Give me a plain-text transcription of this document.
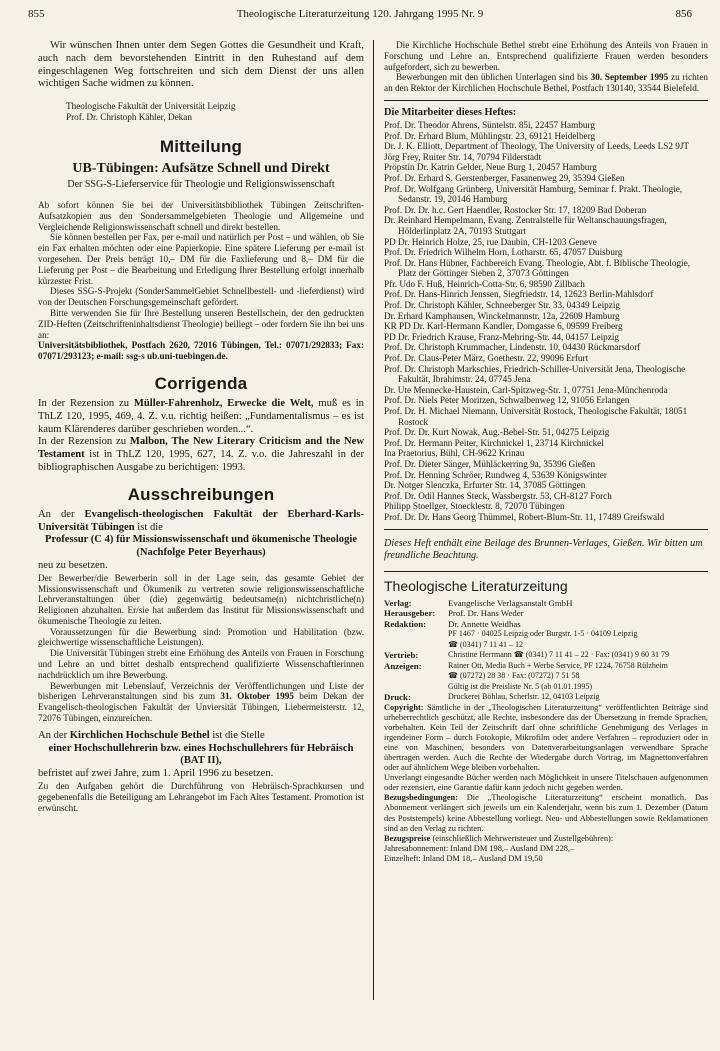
855	Theologische Literaturzeitung 120. Jahrgang 1995 Nr. 9	856

Wir wünschen Ihnen unter dem Segen Gottes die Gesundheit und Kraft, auch nach dem bevorstehenden Eintritt in den Ruhestand auf dem eingeschlagenen Weg fortschreiten und sich dem Dienst der uns allen wichtigen Sache widmen zu können.

Theologische Fakultät der Universität Leipzig

Prof. Dr. Christoph Kähler, Dekan

Mitteilung
UB-Tübingen: Aufsätze Schnell und Direkt

Der SSG-S-Lieferservice für Theologie und Religionswissenschaft

Ab sofort können Sie bei der Universitätsbibliothek Tübingen Zeitschriften-Aufsatzkopien aus den Sondersammelgebieten Theologie und Allgemeine und Vergleichende Religionswissenschaft schnell und direkt bestellen.

Sie können bestellen per Fax, per e-mail und natürlich per Post – und wählen, ob Sie ein Fax erhalten möchten oder eine Papierkopie. Eine spätere Lieferung per e-mail ist vorgesehen. Der Preis beträgt 10,– DM für die Faxlieferung und 8,– DM für die Lieferung per Post – die Bearbeitung und Erledigung Ihrer Bestellung erfolgt innerhalb kürzester Frist.

Dieses SSG-S-Projekt (SonderSammelGebiet Schnellbestell- und -lieferdienst) wird von der Deutschen Forschungsgemeinschaft gefördert.

Bitte verwenden Sie für Ihre Bestellung unseren Bestellschein, der den gedruckten ZID-Heften (Zeitschrifteninhaltsdienst Theologie) beiliegt – oder fordern Sie ihn bei uns an:

Universitätsbibliothek, Postfach 2620, 72016 Tübingen, Tel.: 07071/292833; Fax: 07071/293123; e-mail: ssg-s ub.uni-tuebingen.de.

Corrigenda

In der Rezension zu Müller-Fahrenholz, Erwecke die Welt, muß es in ThLZ 120, 1995, 469, 4. Z. v.u. richtig heißen: „Fundamentalismus – es ist kaum Klärenderes darüber geschrieben worden...“.

In der Rezension zu Malbon, The New Literary Criticism and the New Testament ist in ThLZ 120, 1995, 627, 14. Z. v.o. die Jahreszahl in der bibliographischen Ausgabe zu berichtigen: 1993.

Ausschreibungen

An der Evangelisch-theologischen Fakultät der Eberhard-Karls-Universität Tübingen ist die

Professur (C 4) für Missionswissenschaft und ökumenische Theologie (Nachfolge Peter Beyerhaus)

neu zu besetzen.

Der Bewerber/die Bewerberin soll in der Lage sein, das gesamte Gebiet der Missionswissenschaft und Ökumenik zu vertreten sowie religionswissenschaftliche Lehrveranstaltungen über (die) gegenwärtig bedeutsame(n) nichtchristliche(n) Religionen abzuhalten. Er/sie hat außerdem das Institut für Missionswissenschaft und ökumenische Theologie zu leiten.

Voraussetzungen für die Bewerbung sind: Promotion und Habilitation (bzw. gleichwertige wissenschaftliche Leistungen).

Die Universität Tübingen strebt eine Erhöhung des Anteils von Frauen in Forschung und Lehre an und bittet deshalb entsprechend qualifizierte Wissenschaftlerinnen nachdrücklich um ihre Bewerbung.

Bewerbungen mit Lebenslauf, Verzeichnis der Veröffentlichungen und Liste der bisherigen Lehrveranstaltungen sind bis zum 31. Oktober 1995 beim Dekan der Evangelisch-theologischen Fakultät der Unviersität Tübingen, Liebermeisterstr. 12, 72076 Tübingen, einzureichen.

An der Kirchlichen Hochschule Bethel ist die Stelle

einer Hochschullehrerin bzw. eines Hochschullehrers für Hebräisch (BAT II),

befristet auf zwei Jahre, zum 1. April 1996 zu besetzen.

Zu den Aufgaben gehört die Durchführung von Hebräisch-Sprachkursen und gegebenenfalls die Beteiligung am Lehrangebot im Fach Altes Testament. Promotion ist erwünscht.

Die Kirchliche Hochschule Bethel strebt eine Erhöhung des Anteils von Frauen in Forschung und Lehre an. Entsprechend qualifizierte Frauen werden besonders aufgefordert, sich zu bewerben.

Bewerbungen mit den üblichen Unterlagen sind bis 30. September 1995 zu richten an den Rektor der Kirchlichen Hochschule Bethel, Postfach 130140, 33544 Bielefeld.

Die Mitarbeiter dieses Heftes:

Prof. Dr. Theodor Ahrens, Süntelstr. 85i, 22457 Hamburg
Prof. Dr. Erhard Blum, Mühlingstr. 23, 69121 Heidelberg
Dr. J. K. Elliott, Department of Theology, The University of Leeds, Leeds LS2 9JT
Jörg Frey, Ruiter Str. 14, 70794 Filderstadt
Pröpstin Dr. Katrin Gelder, Neue Burg 1, 20457 Hamburg
Prof. Dr. Erhard S. Gerstenberger, Fasanenweg 29, 35394 Gießen
Prof. Dr. Wolfgang Grünberg, Universität Hamburg, Seminar f. Prakt. Theologie, Sedanstr. 19, 20146 Hamburg
Prof. Dr. Dr. h.c. Gert Haendler, Rostocker Str. 17, 18209 Bad Doberan
Dr. Reinhard Hempelmann, Evang. Zentralstelle für Weltanschauungsfragen, Hölderlinplatz 2A, 70193 Stuttgart
PD Dr. Heinrich Holze, 25, rue Daubin, CH-1203 Geneve
Prof. Dr. Friedrich Wilhelm Horn, Lotharstr. 65, 47057 Duisburg
Prof. Dr. Hans Hübner, Fachbereich Evang. Theologie, Abt. f. Biblische Theologie, Platz der Göttinger Sieben 2, 37073 Göttingen
Pfr. Udo F. Huß, Heinrich-Cotta-Str. 6, 98590 Zillbach
Prof. Dr. Hans-Hinrich Jenssen, Siegfriedstr. 14, 12623 Berlin-Mahlsdorf
Prof. Dr. Christoph Kähler, Schneeberger Str. 33, 04349 Leipzig
Dr. Erhard Kamphausen, Winckelmannstr. 12a, 22609 Hamburg
KR PD Dr. Karl-Hermann Kandler, Domgasse 6, 09599 Freiberg
PD Dr. Friedrich Krause, Franz-Mehring-Str. 44, 04157 Leipzig
Prof. Dr. Christoph Krummacher, Lindenstr. 10, 04430 Rückmarsdorf
Prof. Dr. Claus-Peter März, Goethestr. 22, 99096 Erfurt
Prof. Dr. Christoph Markschies, Friedrich-Schiller-Universität Jena, Theologische Fakultät, Ibrahimstr. 24, 07745 Jena
Dr. Ute Mennecke-Haustein, Carl-Spitzweg-Str. 1, 07751 Jena-Münchenroda
Prof. Dr. Niels Peter Moritzen, Schwalbenweg 12, 91056 Erlangen
Prof. Dr. H. Michael Niemann, Universität Rostock, Theologische Fakultät, 18051 Rostock
Prof. Dr. Dr. Kurt Nowak, Aug.-Bebel-Str. 51, 04275 Leipzig
Prof. Dr. Hermann Peiter, Kirchnickel 1, 23714 Kirchnickel
Ina Praetorius, Bühl, CH-9622 Krinau
Prof. Dr. Dieter Sänger, Mühläckerring 9a, 35396 Gießen
Prof. Dr. Henning Schröer, Rundweg 4, 53639 Königswinter
Dr. Notger Slenczka, Erfurter Str. 14, 37085 Göttingen
Prof. Dr. Odil Hannes Steck, Wassbergstr. 53, CH-8127 Forch
Philipp Stoellger, Stoecklestr. 8, 72070 Tübingen
Prof. Dr. Dr. Hans Georg Thümmel, Robert-Blum-Str. 11, 17489 Greifswald

Dieses Heft enthält eine Beilage des Brunnen-Verlages, Gießen. Wir bitten um freundliche Beachtung.

Theologische Literaturzeitung
Verlag:	Evangelische Verlagsanstalt GmbH
Herausgeber:	Prof. Dr. Hans Weder
Redaktion:	Dr. Annette Weidhas
PF 1467 · 04025 Leipzig oder Burgstr. 1-5 · 04109 Leipzig
☎ (0341) 7 11 41 – 12

Vertrieb:	Christine Herrmann ☎ (0341) 7 11 41 – 22 · Fax: (0341) 9 60 31 79
Anzeigen:	Rainer Ott, Media Buch + Werbe Service, PF 1224, 76758 Rülzheim
☎ (07272) 28 38 · Fax: (07272) 7 51 58
Gültig ist die Preisliste Nr. 5 (ab 01.01.1995)

Druck:	Druckerei Böhlau, Scherlstr. 12, 04103 Leipzig

Copyright: Sämtliche in der „Theologischen Literaturzeitung“ veröffentlichten Beiträge sind urheberrechtlich geschützt, alle Rechte, insbesondere das der Übersetzung in fremde Sprachen, vorbehalten. Kein Teil der Zeitschrift darf ohne schriftliche Genehmigung des Verlages in irgendeiner Form – durch Fotokopie, Mikrofilm oder andere Verfahren – reproduziert oder in eine von Maschinen, besonders von Datenverarbeitungsanlagen verwendbare Sprache übertragen werden. Auch die Rechte der Wiedergabe durch Vortrag, im Magnettonverfahren oder auf ähnlichem Wege bleiben vorbehalten.

Unverlangt eingesandte Bücher werden nach Möglichkeit in unsere Titelschauen aufgenommen oder rezensiert, eine Garantie dafür kann jedoch nicht gegeben werden.

Bezugsbedingungen: Die „Theologische Literaturzeitung“ erscheint monatlich. Das Abonnement verlängert sich jeweils um ein Kalenderjahr, wenn bis zum 1. Dezember (Datum des Poststempels) keine Abbestellung vorliegt. Neu- und Abbestellungen sowie Reklamationen sind an den Verlag zu richten.

Bezugspreise (einschließlich Mehrwertsteuer und Zustellgebühren):

Jahresabonnement: Inland DM 198,– Ausland DM 228,–

Einzelheft: Inland DM 18,– Ausland DM 19,50
